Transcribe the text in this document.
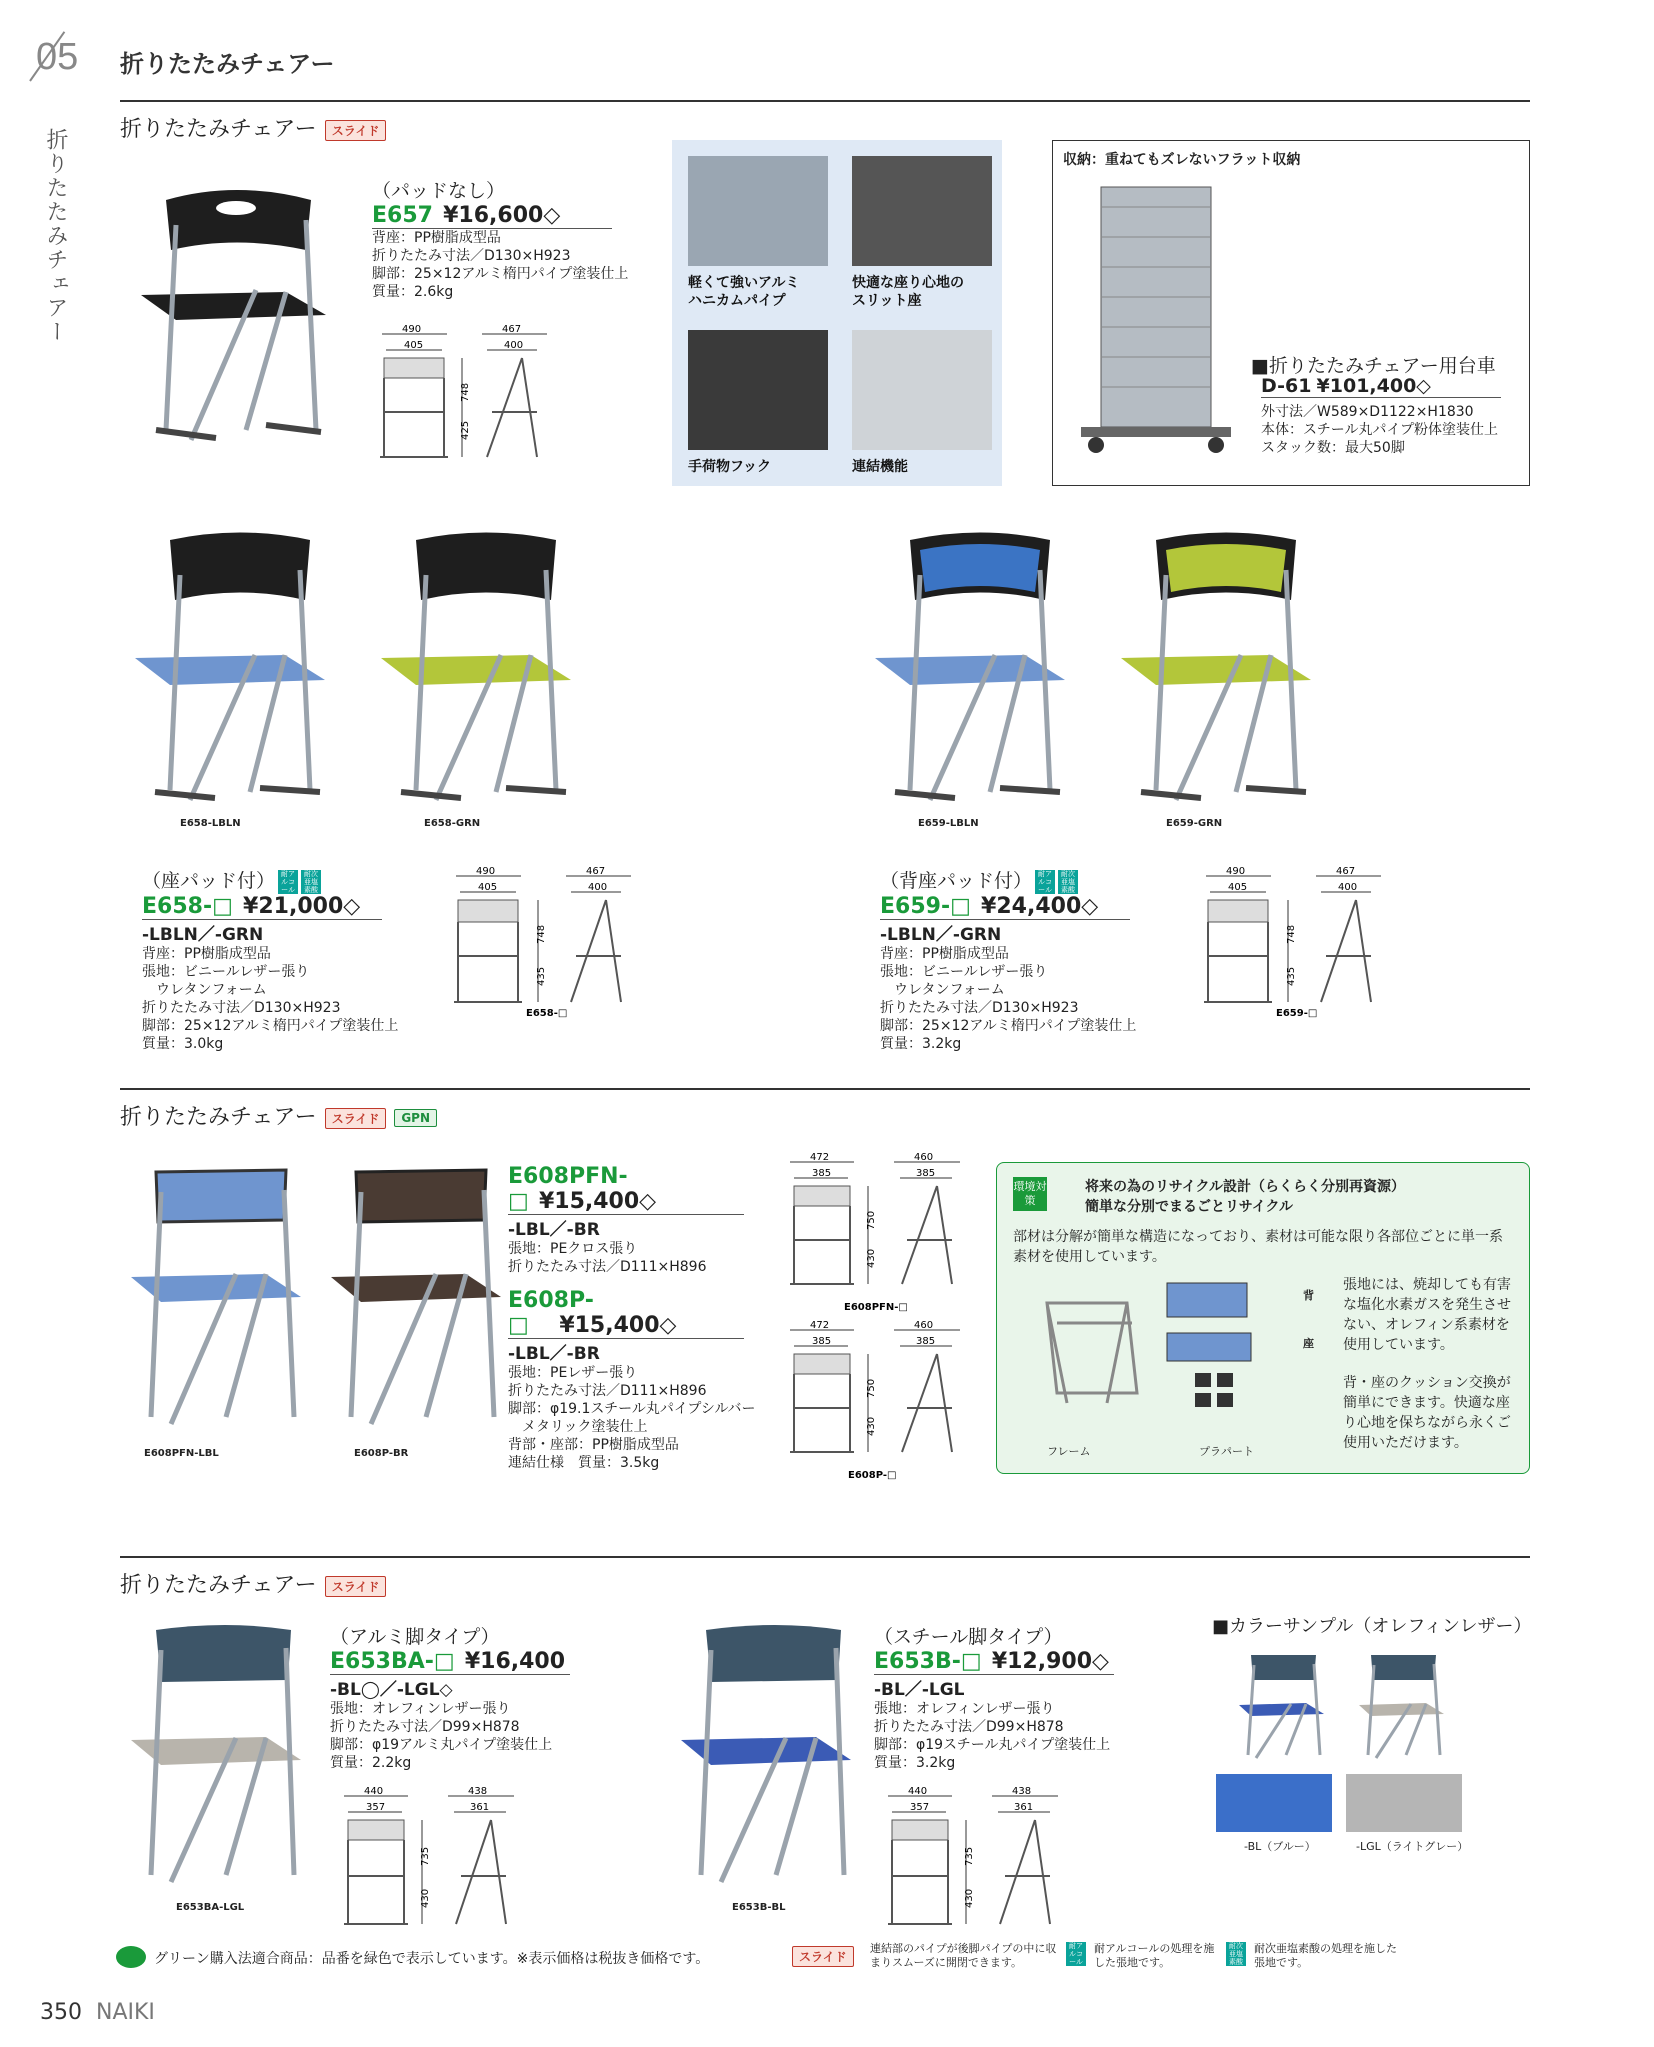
05
折りたたみチェアー
折りたたみチェアー
折りたたみチェアー スライド
（パッドなし）
E657 ¥16,600◇
背座：PP樹脂成型品
折りたたみ寸法／D130×H923
脚部：25×12アルミ楕円パイプ塗装仕上
質量：2.6kg
490
405
467
400
748
425
軽くて強いアルミ
ハニカムパイプ
快適な座り心地の
スリット座
手荷物フック	連結機能
収納：重ねてもズレないフラット収納
■折りたたみチェアー用台車
D-61 ¥101,400◇
外寸法／W589×D1122×H1830
本体：スチール丸パイプ粉体塗装仕上
スタック数：最大50脚
E658-LBLN	E658-GRN	E659-LBLN	E659-GRN
（座パッド付） 耐アルコール耐次亜塩素酸
E658-□ ¥21,000◇
-LBLN／-GRN
背座：PP樹脂成型品
張地：ビニールレザー張り
　ウレタンフォーム
折りたたみ寸法／D130×H923
脚部：25×12アルミ楕円パイプ塗装仕上
質量：3.0kg
490
405
467
400
748
435
E658-□
（背座パッド付） 耐アルコール耐次亜塩素酸
E659-□ ¥24,400◇
-LBLN／-GRN
背座：PP樹脂成型品
張地：ビニールレザー張り
　ウレタンフォーム
折りたたみ寸法／D130×H923
脚部：25×12アルミ楕円パイプ塗装仕上
質量：3.2kg
490
405
467
400
748
435
E659-□
折りたたみチェアー スライド GPN
E608PFN-LBL	E608P-BR
E608PFN-□ ¥15,400◇
-LBL／-BR
張地：PEクロス張り
折りたたみ寸法／D111×H896
E608P-□ ¥15,400◇
-LBL／-BR
張地：PEレザー張り
折りたたみ寸法／D111×H896
脚部：φ19.1スチール丸パイプシルバー
　メタリック塗装仕上
背部・座部：PP樹脂成型品
連結仕様　質量：3.5kg
472
385
460
385
750
430
E608PFN-□
472
385
460
385
750
430
E608P-□
環境対策
将来の為のリサイクル設計（らくらく分別再資源）
簡単な分別でまるごとリサイクル
部材は分解が簡単な構造になっており、素材は可能な限り各部位ごとに単一系素材を使用しています。
フレーム	プラパート
背
座
張地には、焼却しても有害な塩化水素ガスを発生させない、オレフィン系素材を使用しています。
背・座のクッション交換が簡単にできます。快適な座り心地を保ちながら永くご使用いただけます。
折りたたみチェアー スライド
E653BA-LGL	E653B-BL
（アルミ脚タイプ）
E653BA-□ ¥16,400
-BL◯／-LGL◇
張地：オレフィンレザー張り
折りたたみ寸法／D99×H878
脚部：φ19アルミ丸パイプ塗装仕上
質量：2.2kg
440
357
438
361
735
430
（スチール脚タイプ）
E653B-□ ¥12,900◇
-BL／-LGL
張地：オレフィンレザー張り
折りたたみ寸法／D99×H878
脚部：φ19スチール丸パイプ塗装仕上
質量：3.2kg
440
357
438
361
735
430
■カラーサンプル（オレフィンレザー）
-BL（ブルー）	-LGL（ライトグレー）
グリーン購入法適合商品：品番を緑色で表示しています。※表示価格は税抜き価格です。	スライド
連結部のパイプが後脚パイプの中に収まりスムーズに開閉できます。
耐アルコール
耐アルコールの処理を施した張地です。
耐次亜塩素酸
耐次亜塩素酸の処理を施した張地です。
350 NAIKI
